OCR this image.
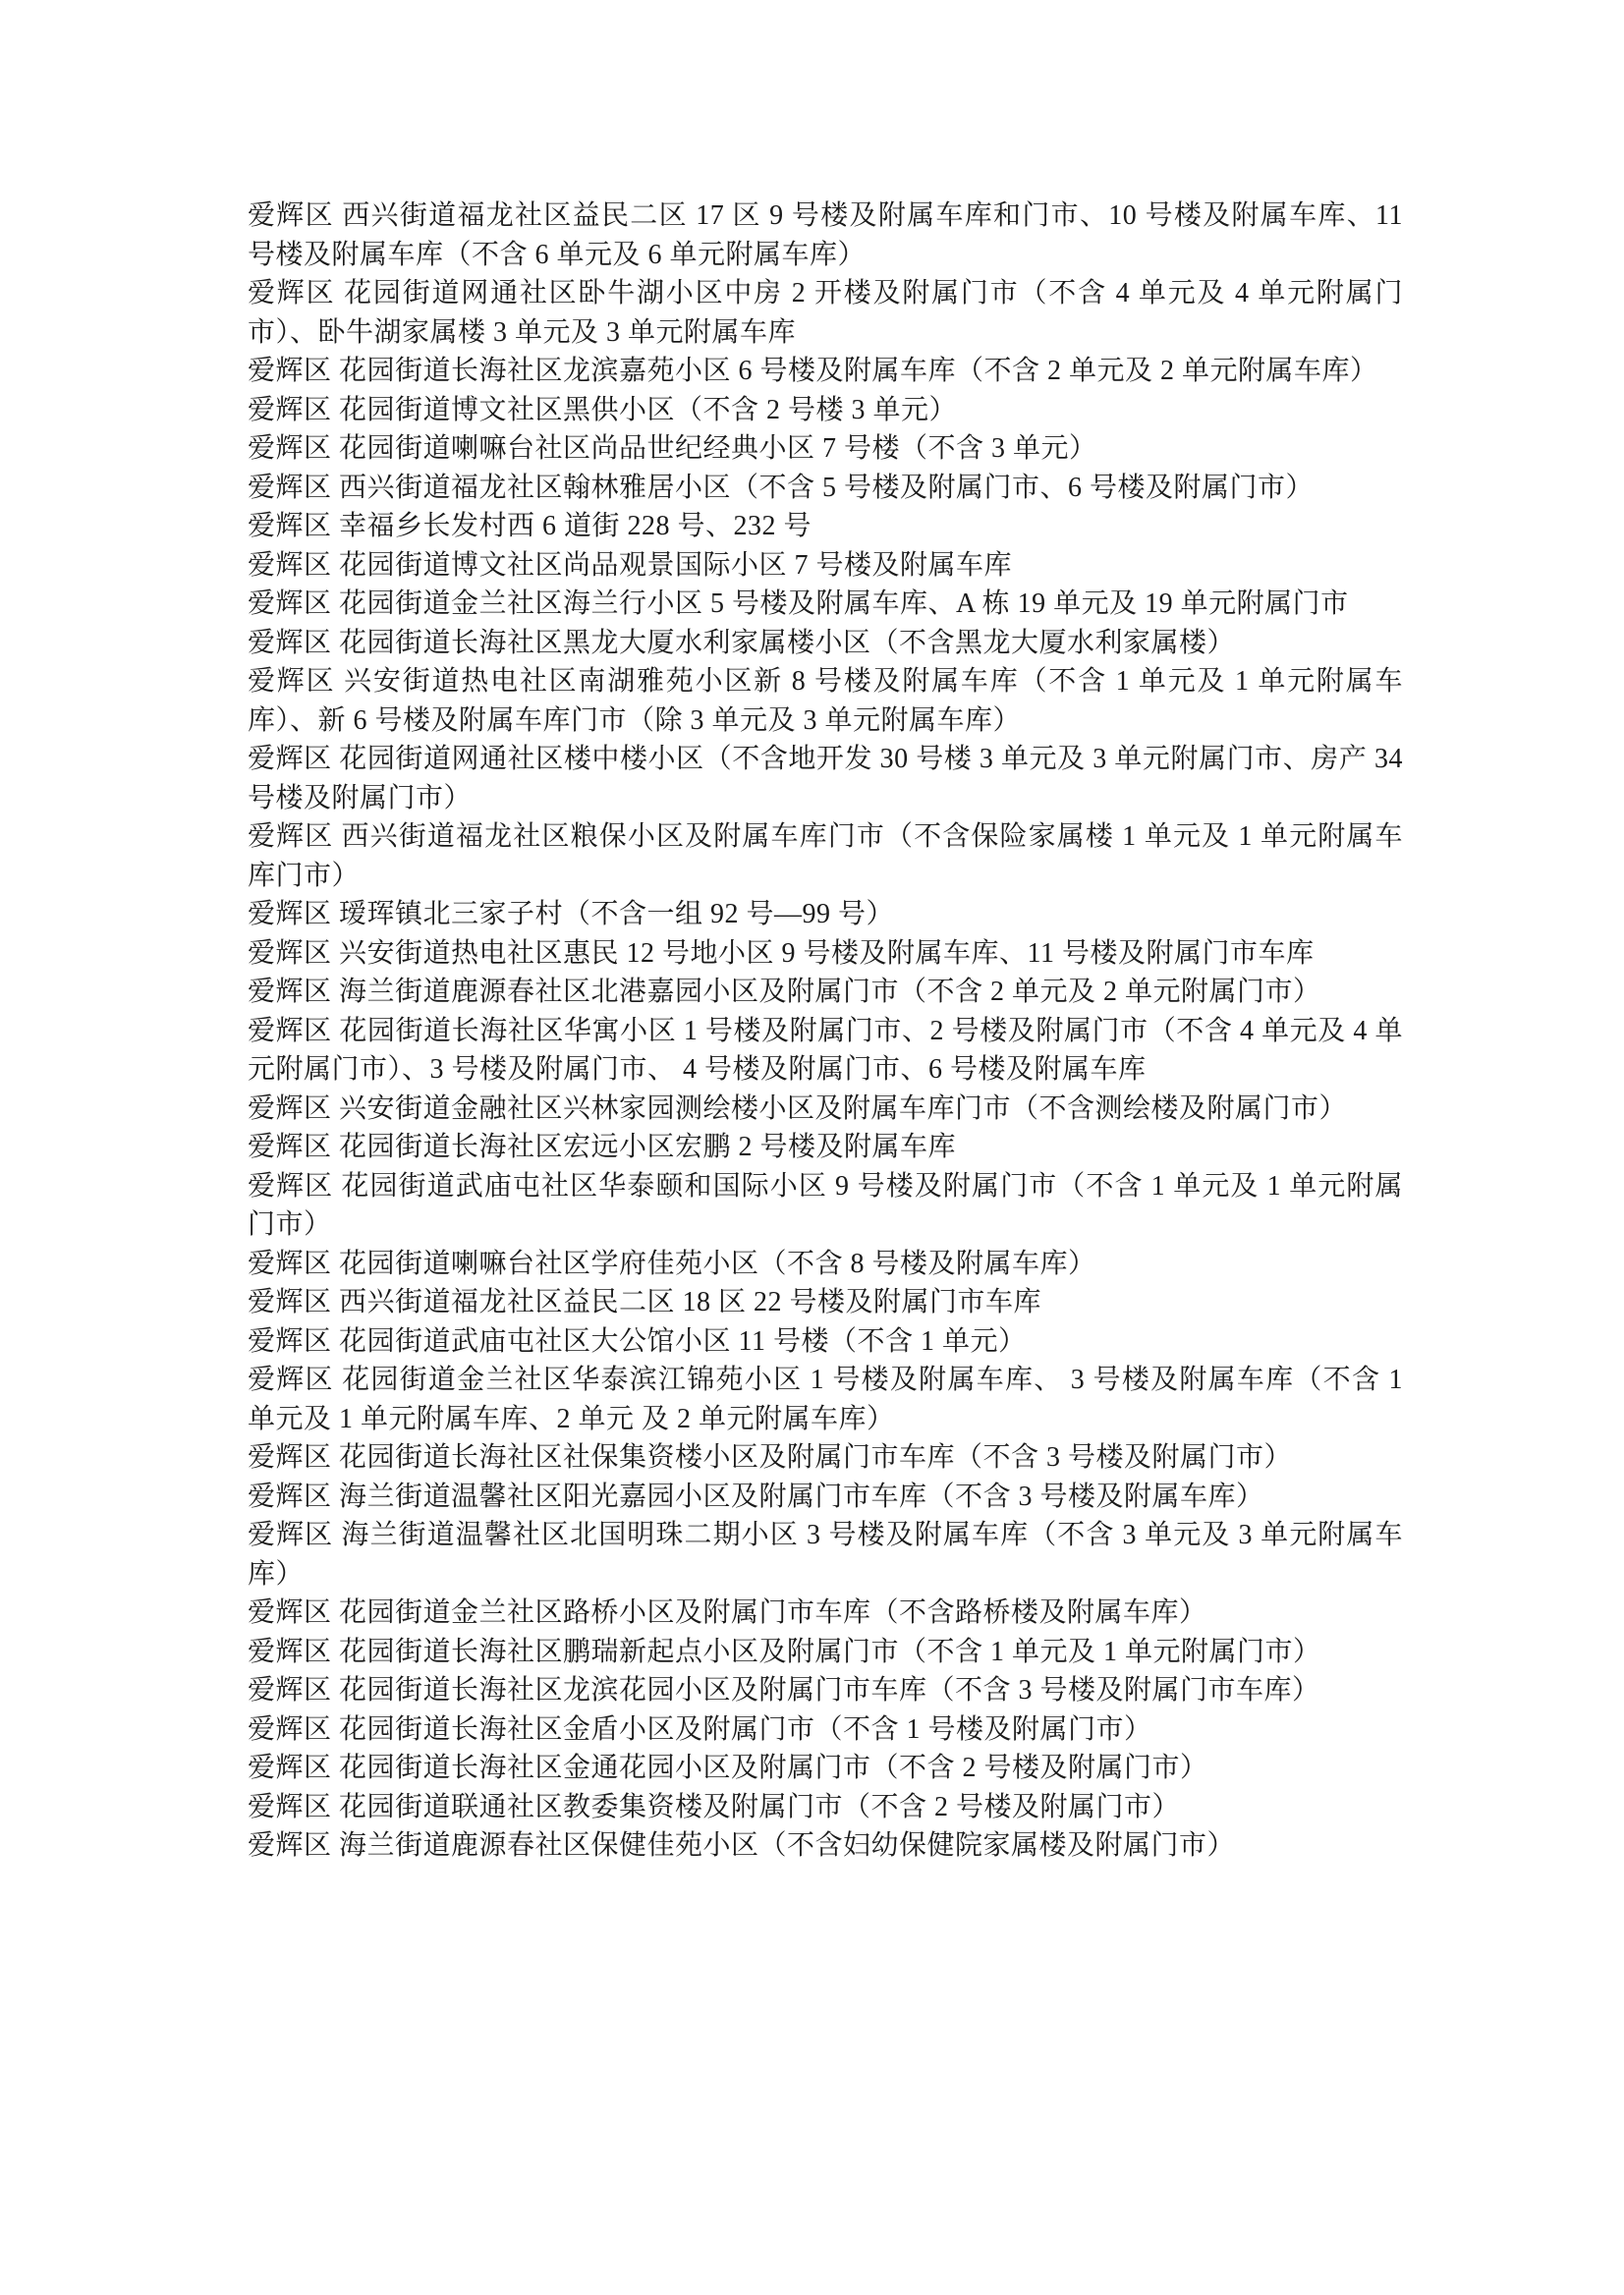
爱辉区 西兴街道福龙社区益民二区 17 区 9 号楼及附属车库和门市、10 号楼及附属车库、11 号楼及附属车库（不含 6 单元及 6 单元附属车库）

爱辉区 花园街道网通社区卧牛湖小区中房 2 开楼及附属门市（不含 4 单元及 4 单元附属门市）、卧牛湖家属楼 3 单元及 3 单元附属车库

爱辉区 花园街道长海社区龙滨嘉苑小区 6 号楼及附属车库（不含 2 单元及 2 单元附属车库）

爱辉区 花园街道博文社区黑供小区（不含 2 号楼 3 单元）

爱辉区 花园街道喇嘛台社区尚品世纪经典小区 7 号楼（不含 3 单元）

爱辉区 西兴街道福龙社区翰林雅居小区（不含 5 号楼及附属门市、6 号楼及附属门市）

爱辉区 幸福乡长发村西 6 道街 228 号、232 号

爱辉区 花园街道博文社区尚品观景国际小区 7 号楼及附属车库

爱辉区 花园街道金兰社区海兰行小区 5 号楼及附属车库、A 栋 19 单元及 19 单元附属门市

爱辉区 花园街道长海社区黑龙大厦水利家属楼小区（不含黑龙大厦水利家属楼）

爱辉区 兴安街道热电社区南湖雅苑小区新 8 号楼及附属车库（不含 1 单元及 1 单元附属车库）、新 6 号楼及附属车库门市（除 3 单元及 3 单元附属车库）

爱辉区 花园街道网通社区楼中楼小区（不含地开发 30 号楼 3 单元及 3 单元附属门市、房产 34 号楼及附属门市）

爱辉区 西兴街道福龙社区粮保小区及附属车库门市（不含保险家属楼 1 单元及 1 单元附属车库门市）

爱辉区 瑷珲镇北三家子村（不含一组 92 号—99 号）

爱辉区 兴安街道热电社区惠民 12 号地小区 9 号楼及附属车库、11 号楼及附属门市车库

爱辉区 海兰街道鹿源春社区北港嘉园小区及附属门市（不含 2 单元及 2 单元附属门市）

爱辉区 花园街道长海社区华寓小区 1 号楼及附属门市、2 号楼及附属门市（不含 4 单元及 4 单元附属门市）、3 号楼及附属门市、 4 号楼及附属门市、6 号楼及附属车库

爱辉区 兴安街道金融社区兴林家园测绘楼小区及附属车库门市（不含测绘楼及附属门市）

爱辉区 花园街道长海社区宏远小区宏鹏 2 号楼及附属车库

爱辉区 花园街道武庙屯社区华泰颐和国际小区 9 号楼及附属门市（不含 1 单元及 1 单元附属门市）

爱辉区 花园街道喇嘛台社区学府佳苑小区（不含 8 号楼及附属车库）

爱辉区 西兴街道福龙社区益民二区 18 区 22 号楼及附属门市车库

爱辉区 花园街道武庙屯社区大公馆小区 11 号楼（不含 1 单元）

爱辉区 花园街道金兰社区华泰滨江锦苑小区 1 号楼及附属车库、 3 号楼及附属车库（不含 1 单元及 1 单元附属车库、2 单元 及 2 单元附属车库）

爱辉区 花园街道长海社区社保集资楼小区及附属门市车库（不含 3 号楼及附属门市）

爱辉区 海兰街道温馨社区阳光嘉园小区及附属门市车库（不含 3 号楼及附属车库）

爱辉区 海兰街道温馨社区北国明珠二期小区 3 号楼及附属车库（不含 3 单元及 3 单元附属车库）

爱辉区 花园街道金兰社区路桥小区及附属门市车库（不含路桥楼及附属车库）

爱辉区 花园街道长海社区鹏瑞新起点小区及附属门市（不含 1 单元及 1 单元附属门市）

爱辉区 花园街道长海社区龙滨花园小区及附属门市车库（不含 3 号楼及附属门市车库）

爱辉区 花园街道长海社区金盾小区及附属门市（不含 1 号楼及附属门市）

爱辉区 花园街道长海社区金通花园小区及附属门市（不含 2 号楼及附属门市）

爱辉区 花园街道联通社区教委集资楼及附属门市（不含 2 号楼及附属门市）

爱辉区 海兰街道鹿源春社区保健佳苑小区（不含妇幼保健院家属楼及附属门市）
